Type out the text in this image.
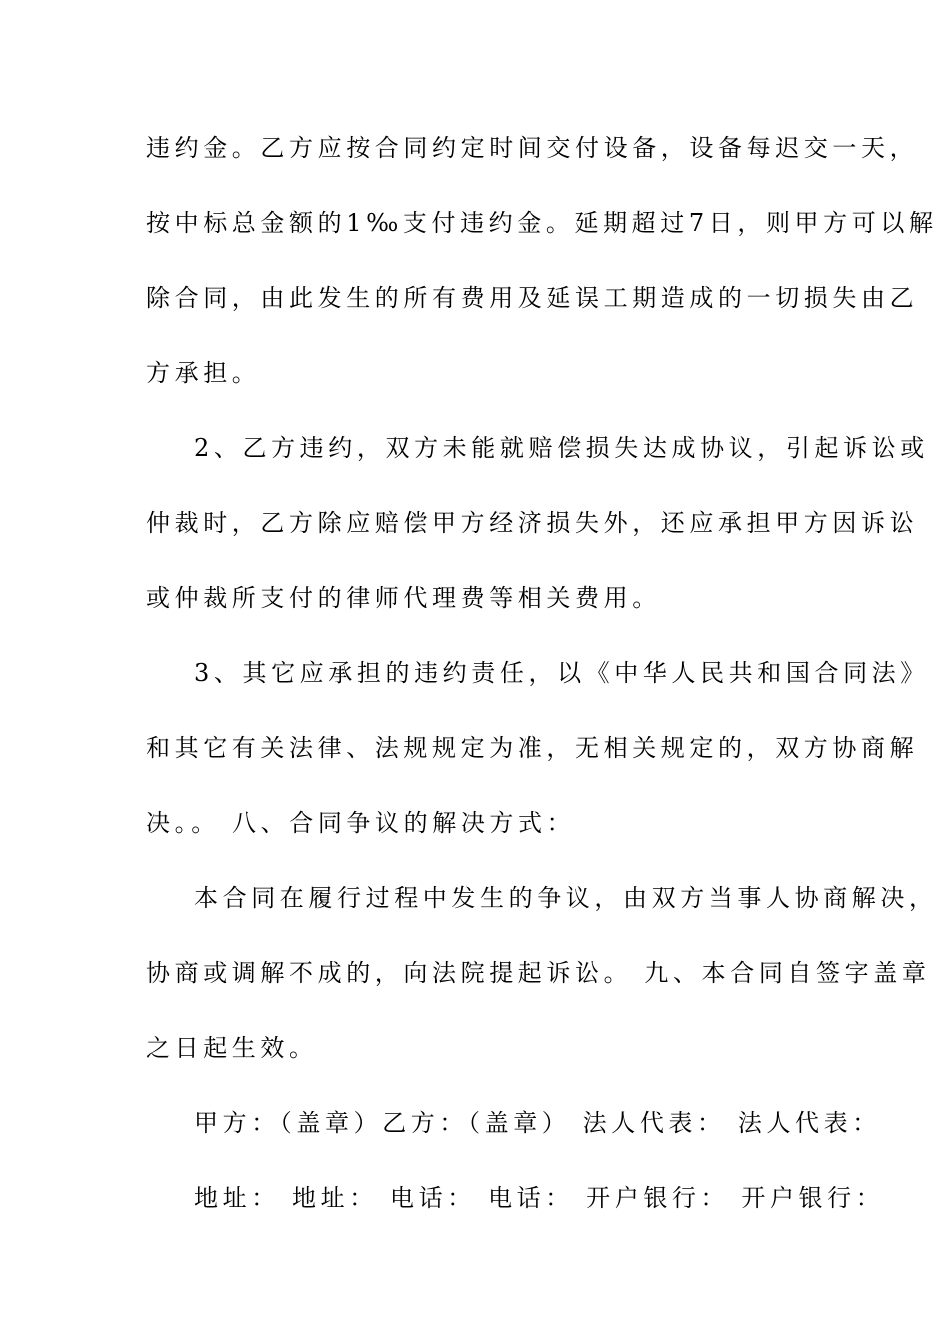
违约金。乙方应按合同约定时间交付设备，设备每迟交一天，
按中标总金额的1‰支付违约金。延期超过7日，则甲方可以解
除合同，由此发生的所有费用及延误工期造成的一切损失由乙
方承担。
2、乙方违约，双方未能就赔偿损失达成协议，引起诉讼或
仲裁时，乙方除应赔偿甲方经济损失外，还应承担甲方因诉讼
或仲裁所支付的律师代理费等相关费用。
3、其它应承担的违约责任，以《中华人民共和国合同法》
和其它有关法律、法规规定为准，无相关规定的，双方协商解
决。。 八、合同争议的解决方式：
本合同在履行过程中发生的争议，由双方当事人协商解决，
协商或调解不成的，向法院提起诉讼。 九、本合同自签字盖章
之日起生效。
甲方：（盖章）乙方：（盖章） 法人代表： 法人代表：
地址： 地址： 电话： 电话： 开户银行： 开户银行：
